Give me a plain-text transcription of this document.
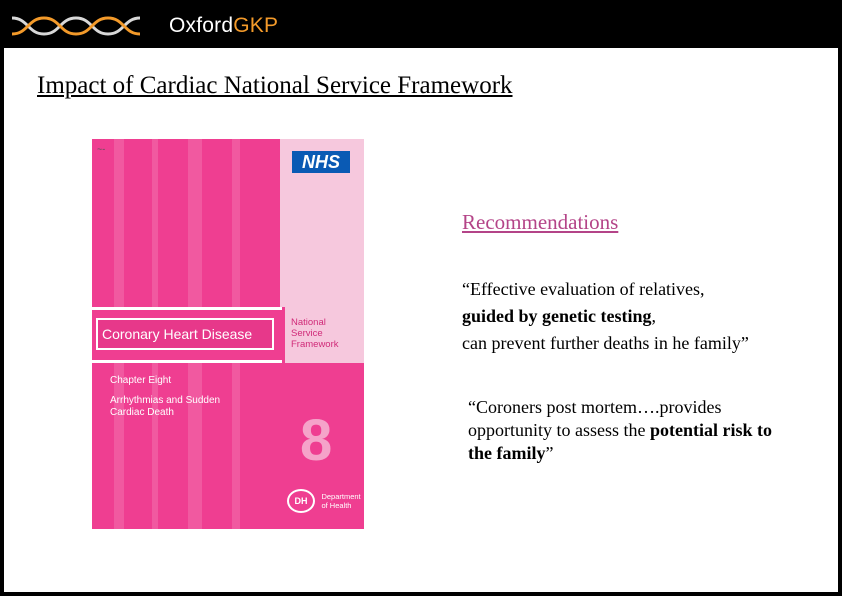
OxfordGKP
Impact of Cardiac National Service Framework
~-
NHS
Coronary Heart Disease
National
Service
Framework
Chapter Eight
Arrhythmias and Sudden
Cardiac Death	8
DH Department
of Health
Recommendations
“Effective evaluation of relatives,
guided by genetic testing,
can prevent further deaths in he family”
“Coroners post mortem….provides
opportunity to assess the potential risk to
the family”
